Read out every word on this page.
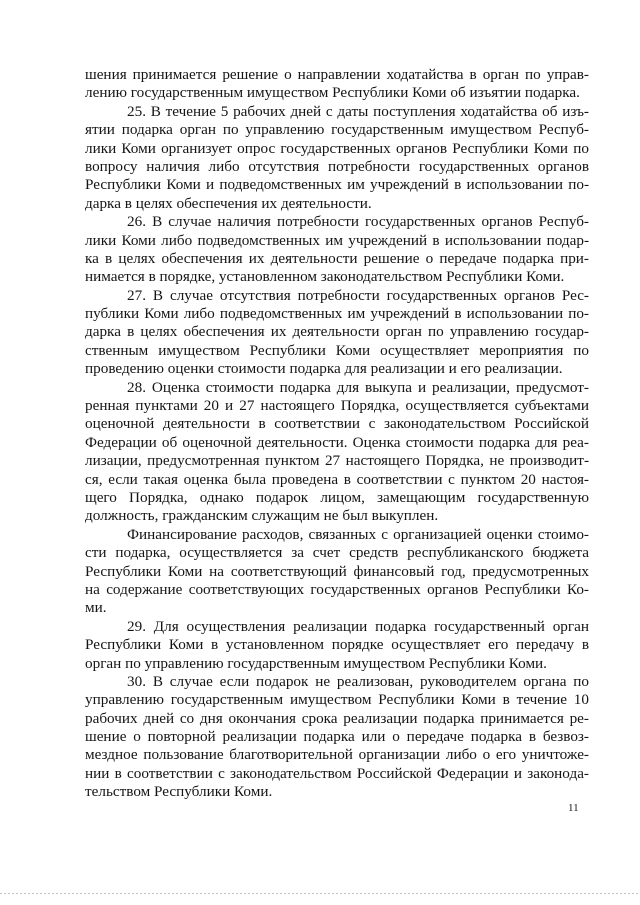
шения принимается решение о направлении ходатайства в орган по управ-
лению государственным имуществом Республики Коми об изъятии подарка.
25. В течение 5 рабочих дней с даты поступления ходатайства об изъ-
ятии подарка орган по управлению государственным имуществом Респуб-
лики Коми организует опрос государственных органов Республики Коми по
вопросу наличия либо отсутствия потребности государственных органов
Республики Коми и подведомственных им учреждений в использовании по-
дарка в целях обеспечения их деятельности.
26. В случае наличия потребности государственных органов Респуб-
лики Коми либо подведомственных им учреждений в использовании подар-
ка в целях обеспечения их деятельности решение о передаче подарка при-
нимается в порядке, установленном законодательством Республики Коми.
27. В случае отсутствия потребности государственных органов Рес-
публики Коми либо подведомственных им учреждений в использовании по-
дарка в целях обеспечения их деятельности орган по управлению государ-
ственным имуществом Республики Коми осуществляет мероприятия по
проведению оценки стоимости подарка для реализации и его реализации.
28. Оценка стоимости подарка для выкупа и реализации, предусмот-
ренная пунктами 20 и 27 настоящего Порядка, осуществляется субъектами
оценочной деятельности в соответствии с законодательством Российской
Федерации об оценочной деятельности. Оценка стоимости подарка для реа-
лизации, предусмотренная пунктом 27 настоящего Порядка, не производит-
ся, если такая оценка была проведена в соответствии с пунктом 20 настоя-
щего Порядка, однако подарок лицом, замещающим государственную
должность, гражданским служащим не был выкуплен.
Финансирование расходов, связанных с организацией оценки стоимо-
сти подарка, осуществляется за счет средств республиканского бюджета
Республики Коми на соответствующий финансовый год, предусмотренных
на содержание соответствующих государственных органов Республики Ко-
ми.
29. Для осуществления реализации подарка государственный орган
Республики Коми в установленном порядке осуществляет его передачу в
орган по управлению государственным имуществом Республики Коми.
30. В случае если подарок не реализован, руководителем органа по
управлению государственным имуществом Республики Коми в течение 10
рабочих дней со дня окончания срока реализации подарка принимается ре-
шение о повторной реализации подарка или о передаче подарка в безвоз-
мездное пользование благотворительной организации либо о его уничтоже-
нии в соответствии с законодательством Российской Федерации и законода-
тельством Республики Коми.
11
